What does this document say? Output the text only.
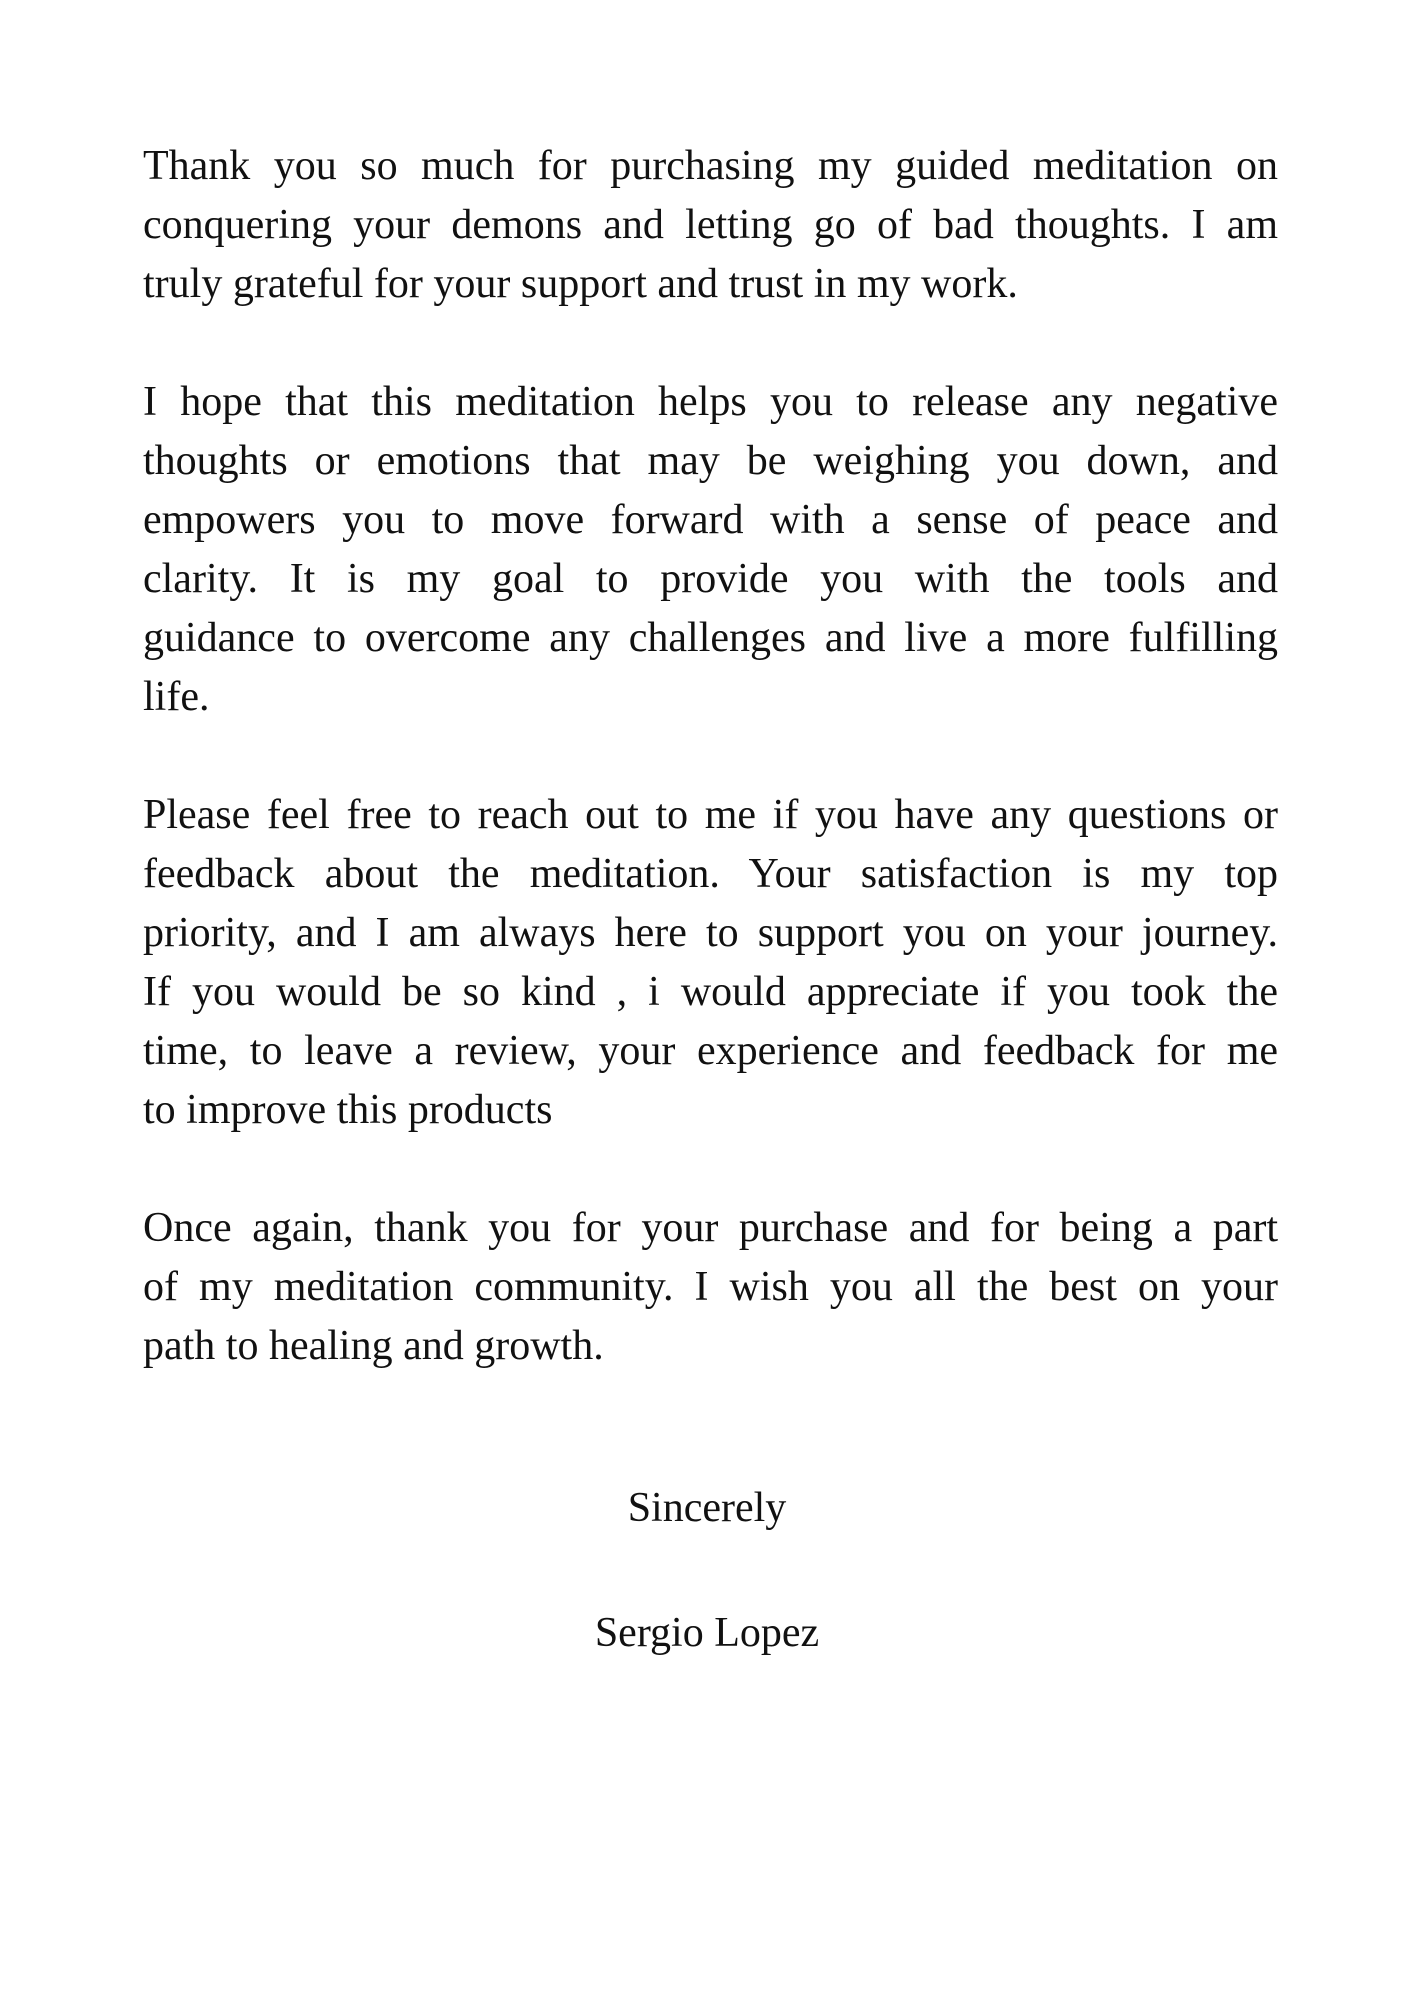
Thank you so much for purchasing my guided meditation on
conquering your demons and letting go of bad thoughts. I am
truly grateful for your support and trust in my work.
I hope that this meditation helps you to release any negative
thoughts or emotions that may be weighing you down, and
empowers you to move forward with a sense of peace and
clarity. It is my goal to provide you with the tools and
guidance to overcome any challenges and live a more fulfilling
life.
Please feel free to reach out to me if you have any questions or
feedback about the meditation. Your satisfaction is my top
priority, and I am always here to support you on your journey.
If you would be so kind , i would appreciate if you took the
time, to leave a review, your experience and feedback for me
to improve this products
Once again, thank you for your purchase and for being a part
of my meditation community. I wish you all the best on your
path to healing and growth.
Sincerely
Sergio Lopez
